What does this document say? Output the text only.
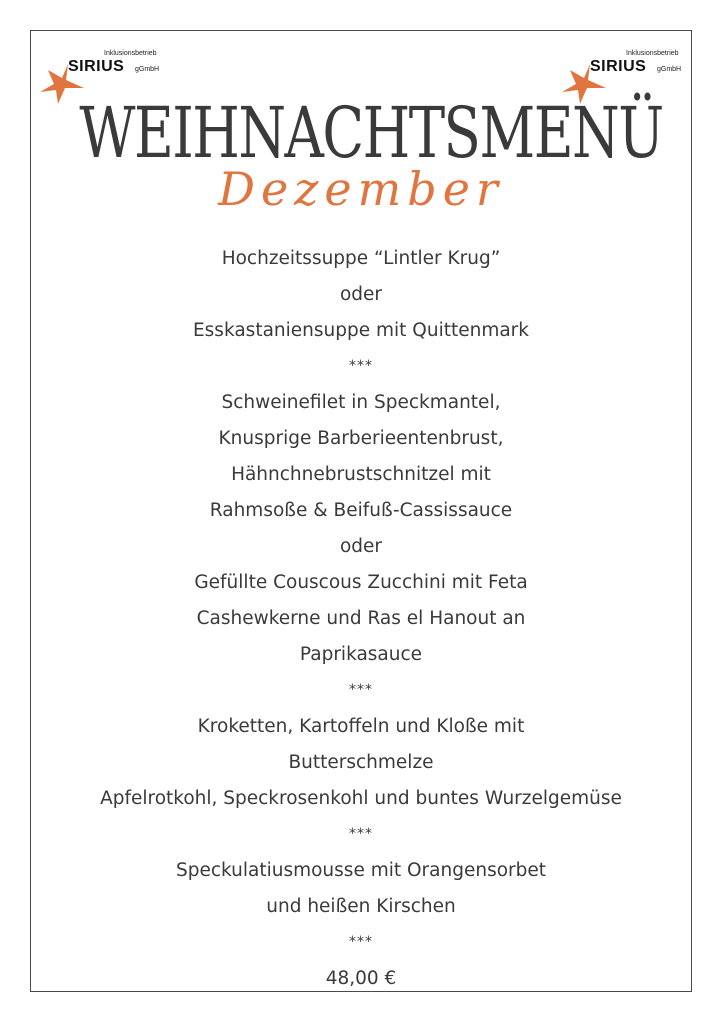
Inklusionsbetrieb
SIRIUS gGmbH
Inklusionsbetrieb
SIRIUS gGmbH
WEIHNACHTSMENÜ
Dezember
Hochzeitssuppe “Lintler Krug”
oder
Esskastaniensuppe mit Quittenmark
***
Schweinefilet in Speckmantel,
Knusprige Barberieentenbrust,
Hähnchnebrustschnitzel mit
Rahmsoße & Beifuß-Cassissauce
oder
Gefüllte Couscous Zucchini mit Feta
Cashewkerne und Ras el Hanout an
Paprikasauce
***
Kroketten, Kartoffeln und Kloße mit
Butterschmelze
Apfelrotkohl, Speckrosenkohl und buntes Wurzelgemüse
***
Speckulatiusmousse mit Orangensorbet
und heißen Kirschen
***
48,00 €
